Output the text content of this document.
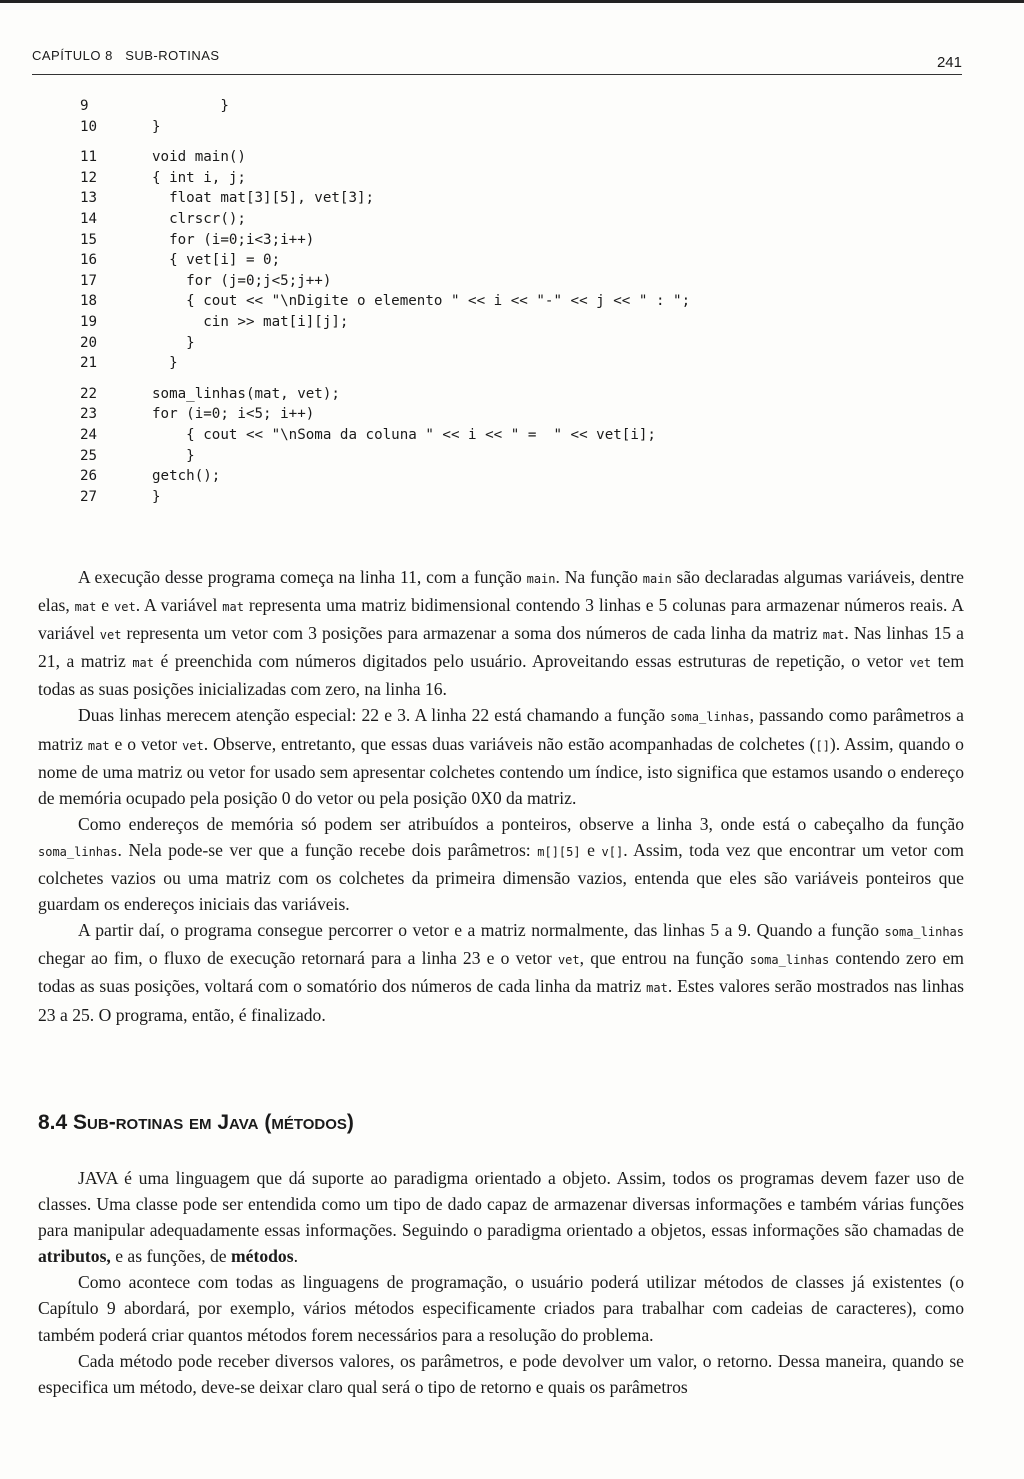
CAPÍTULO 8 SUB-ROTINAS	241
9	}
10	}
11	void main()
12	{ int i, j;
13	float mat[3][5], vet[3];
14	clrscr();
15	for (i=0;i<3;i++)
16	{ vet[i] = 0;
17	for (j=0;j<5;j++)
18	{ cout << "\nDigite o elemento " << i << "-" << j << " : ";
19	cin >> mat[i][j];
20	}
21	}
22	soma_linhas(mat, vet);
23	for (i=0; i<5; i++)
24	{ cout << "\nSoma da coluna " << i << " =  " << vet[i];
25	}
26	getch();
27	}

A execução desse programa começa na linha 11, com a função main. Na função main são declaradas algumas variáveis, dentre elas, mat e vet. A variável mat representa uma matriz bidimensional contendo 3 linhas e 5 colunas para armazenar números reais. A variável vet representa um vetor com 3 posições para armazenar a soma dos números de cada linha da matriz mat. Nas linhas 15 a 21, a matriz mat é preenchida com números digitados pelo usuário. Aproveitando essas estruturas de repetição, o vetor vet tem todas as suas posições inicializadas com zero, na linha 16.

Duas linhas merecem atenção especial: 22 e 3. A linha 22 está chamando a função soma_linhas, passando como parâmetros a matriz mat e o vetor vet. Observe, entretanto, que essas duas variáveis não estão acompanhadas de colchetes ([]). Assim, quando o nome de uma matriz ou vetor for usado sem apresentar colchetes contendo um índice, isto significa que estamos usando o endereço de memória ocupado pela posição 0 do vetor ou pela posição 0X0 da matriz.

Como endereços de memória só podem ser atribuídos a ponteiros, observe a linha 3, onde está o cabeçalho da função soma_linhas. Nela pode-se ver que a função recebe dois parâmetros: m[][5] e v[]. Assim, toda vez que encontrar um vetor com colchetes vazios ou uma matriz com os colchetes da primeira dimensão vazios, entenda que eles são variáveis ponteiros que guardam os endereços iniciais das variáveis.

A partir daí, o programa consegue percorrer o vetor e a matriz normalmente, das linhas 5 a 9. Quando a função soma_linhas chegar ao fim, o fluxo de execução retornará para a linha 23 e o vetor vet, que entrou na função soma_linhas contendo zero em todas as suas posições, voltará com o somatório dos números de cada linha da matriz mat. Estes valores serão mostrados nas linhas 23 a 25. O programa, então, é finalizado.

8.4 Sub-rotinas em Java (métodos)

JAVA é uma linguagem que dá suporte ao paradigma orientado a objeto. Assim, todos os programas devem fazer uso de classes. Uma classe pode ser entendida como um tipo de dado capaz de armazenar diversas informações e também várias funções para manipular adequadamente essas informações. Seguindo o paradigma orientado a objetos, essas informações são chamadas de atributos, e as funções, de métodos.

Como acontece com todas as linguagens de programação, o usuário poderá utilizar métodos de classes já existentes (o Capítulo 9 abordará, por exemplo, vários métodos especificamente criados para trabalhar com cadeias de caracteres), como também poderá criar quantos métodos forem necessários para a resolução do problema.

Cada método pode receber diversos valores, os parâmetros, e pode devolver um valor, o retorno. Dessa maneira, quando se especifica um método, deve-se deixar claro qual será o tipo de retorno e quais os parâmetros
